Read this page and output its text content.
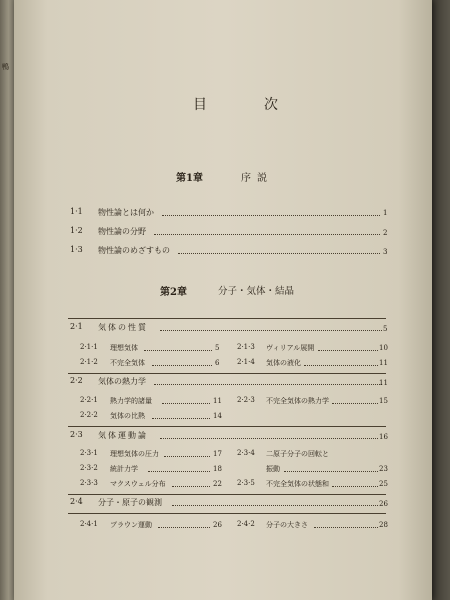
鴨
目	次
第1章	序説
1·1 物性論とは何か	1
1·2 物性論の分野	2
1·3 物性論のめざすもの	3
第2章	分子・気体・結晶
2·1 気体の性質	5
2·1·1 理想気体	5	2·1·3 ヴィリアル展開	10
2·1·2 不完全気体	6	2·1·4 気体の液化	11
2·2 気体の熱力学	11
2·2·1 熱力学的諸量	11 2·2·3 不完全気体の熱力学	15
2·2·2 気体の比熱	14
2·3 気体運動論	16
2·3·1 理想気体の圧力	17 2·3·4 二原子分子の回転と
2·3·2 統計力学	18	振動	23
2·3·3 マクスウェル分布	22 2·3·5 不完全気体の状態和	25
2·4 分子・原子の観測	26
2·4·1 ブラウン運動	26 2·4·2 分子の大きさ	28
